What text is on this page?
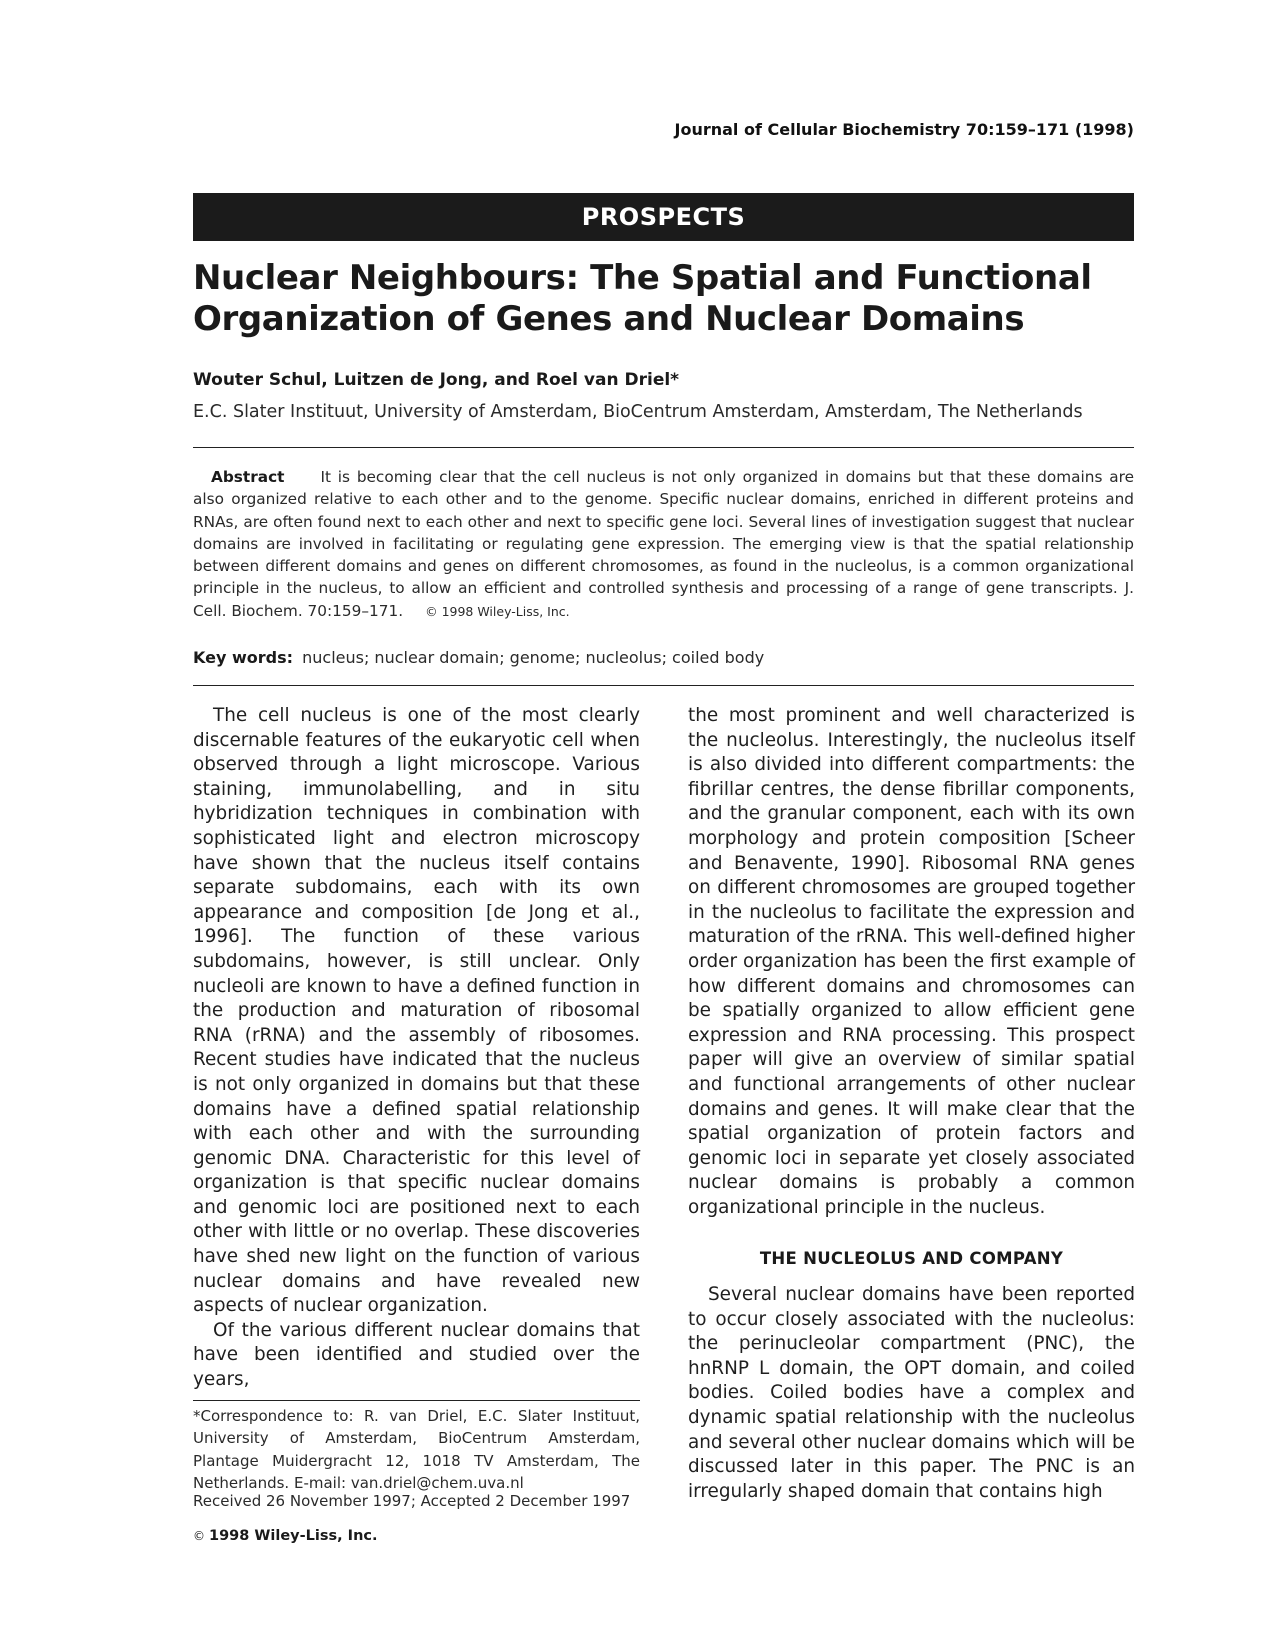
Journal of Cellular Biochemistry 70:159–171 (1998)
PROSPECTS
Nuclear Neighbours: The Spatial and Functional
Organization of Genes and Nuclear Domains
Wouter Schul, Luitzen de Jong, and Roel van Driel*
E.C. Slater Instituut, University of Amsterdam, BioCentrum Amsterdam, Amsterdam, The Netherlands
Abstract It is becoming clear that the cell nucleus is not only organized in domains but that these domains are also organized relative to each other and to the genome. Specific nuclear domains, enriched in different proteins and RNAs, are often found next to each other and next to specific gene loci. Several lines of investigation suggest that nuclear domains are involved in facilitating or regulating gene expression. The emerging view is that the spatial relationship between different domains and genes on different chromosomes, as found in the nucleolus, is a common organizational principle in the nucleus, to allow an efficient and controlled synthesis and processing of a range of gene transcripts. J. Cell. Biochem. 70:159–171. © 1998 Wiley-Liss, Inc.
Key words: nucleus; nuclear domain; genome; nucleolus; coiled body

The cell nucleus is one of the most clearly discernable features of the eukaryotic cell when observed through a light microscope. Various staining, immunolabelling, and in situ hybridization techniques in combination with sophisticated light and electron microscopy have shown that the nucleus itself contains separate subdomains, each with its own appearance and composition [de Jong et al., 1996]. The function of these various subdomains, however, is still unclear. Only nucleoli are known to have a defined function in the production and maturation of ribosomal RNA (rRNA) and the assembly of ribosomes. Recent studies have indicated that the nucleus is not only organized in domains but that these domains have a defined spatial relationship with each other and with the surrounding genomic DNA. Characteristic for this level of organization is that specific nuclear domains and genomic loci are positioned next to each other with little or no overlap. These discoveries have shed new light on the function of various nuclear domains and have revealed new aspects of nuclear organization.

Of the various different nuclear domains that have been identified and studied over the years,

the most prominent and well characterized is the nucleolus. Interestingly, the nucleolus itself is also divided into different compartments: the fibrillar centres, the dense fibrillar components, and the granular component, each with its own morphology and protein composition [Scheer and Benavente, 1990]. Ribosomal RNA genes on different chromosomes are grouped together in the nucleolus to facilitate the expression and maturation of the rRNA. This well-defined higher order organization has been the first example of how different domains and chromosomes can be spatially organized to allow efficient gene expression and RNA processing. This prospect paper will give an overview of similar spatial and functional arrangements of other nuclear domains and genes. It will make clear that the spatial organization of protein factors and genomic loci in separate yet closely associated nuclear domains is probably a common organizational principle in the nucleus.

THE NUCLEOLUS AND COMPANY

Several nuclear domains have been reported to occur closely associated with the nucleolus: the perinucleolar compartment (PNC), the hnRNP L domain, the OPT domain, and coiled bodies. Coiled bodies have a complex and dynamic spatial relationship with the nucleolus and several other nuclear domains which will be discussed later in this paper. The PNC is an irregularly shaped domain that contains high

*Correspondence to: R. van Driel, E.C. Slater Instituut, University of Amsterdam, BioCentrum Amsterdam, Plantage Muidergracht 12, 1018 TV Amsterdam, The Netherlands. E-mail: van.driel@chem.uva.nl
Received 26 November 1997; Accepted 2 December 1997
© 1998 Wiley-Liss, Inc.
